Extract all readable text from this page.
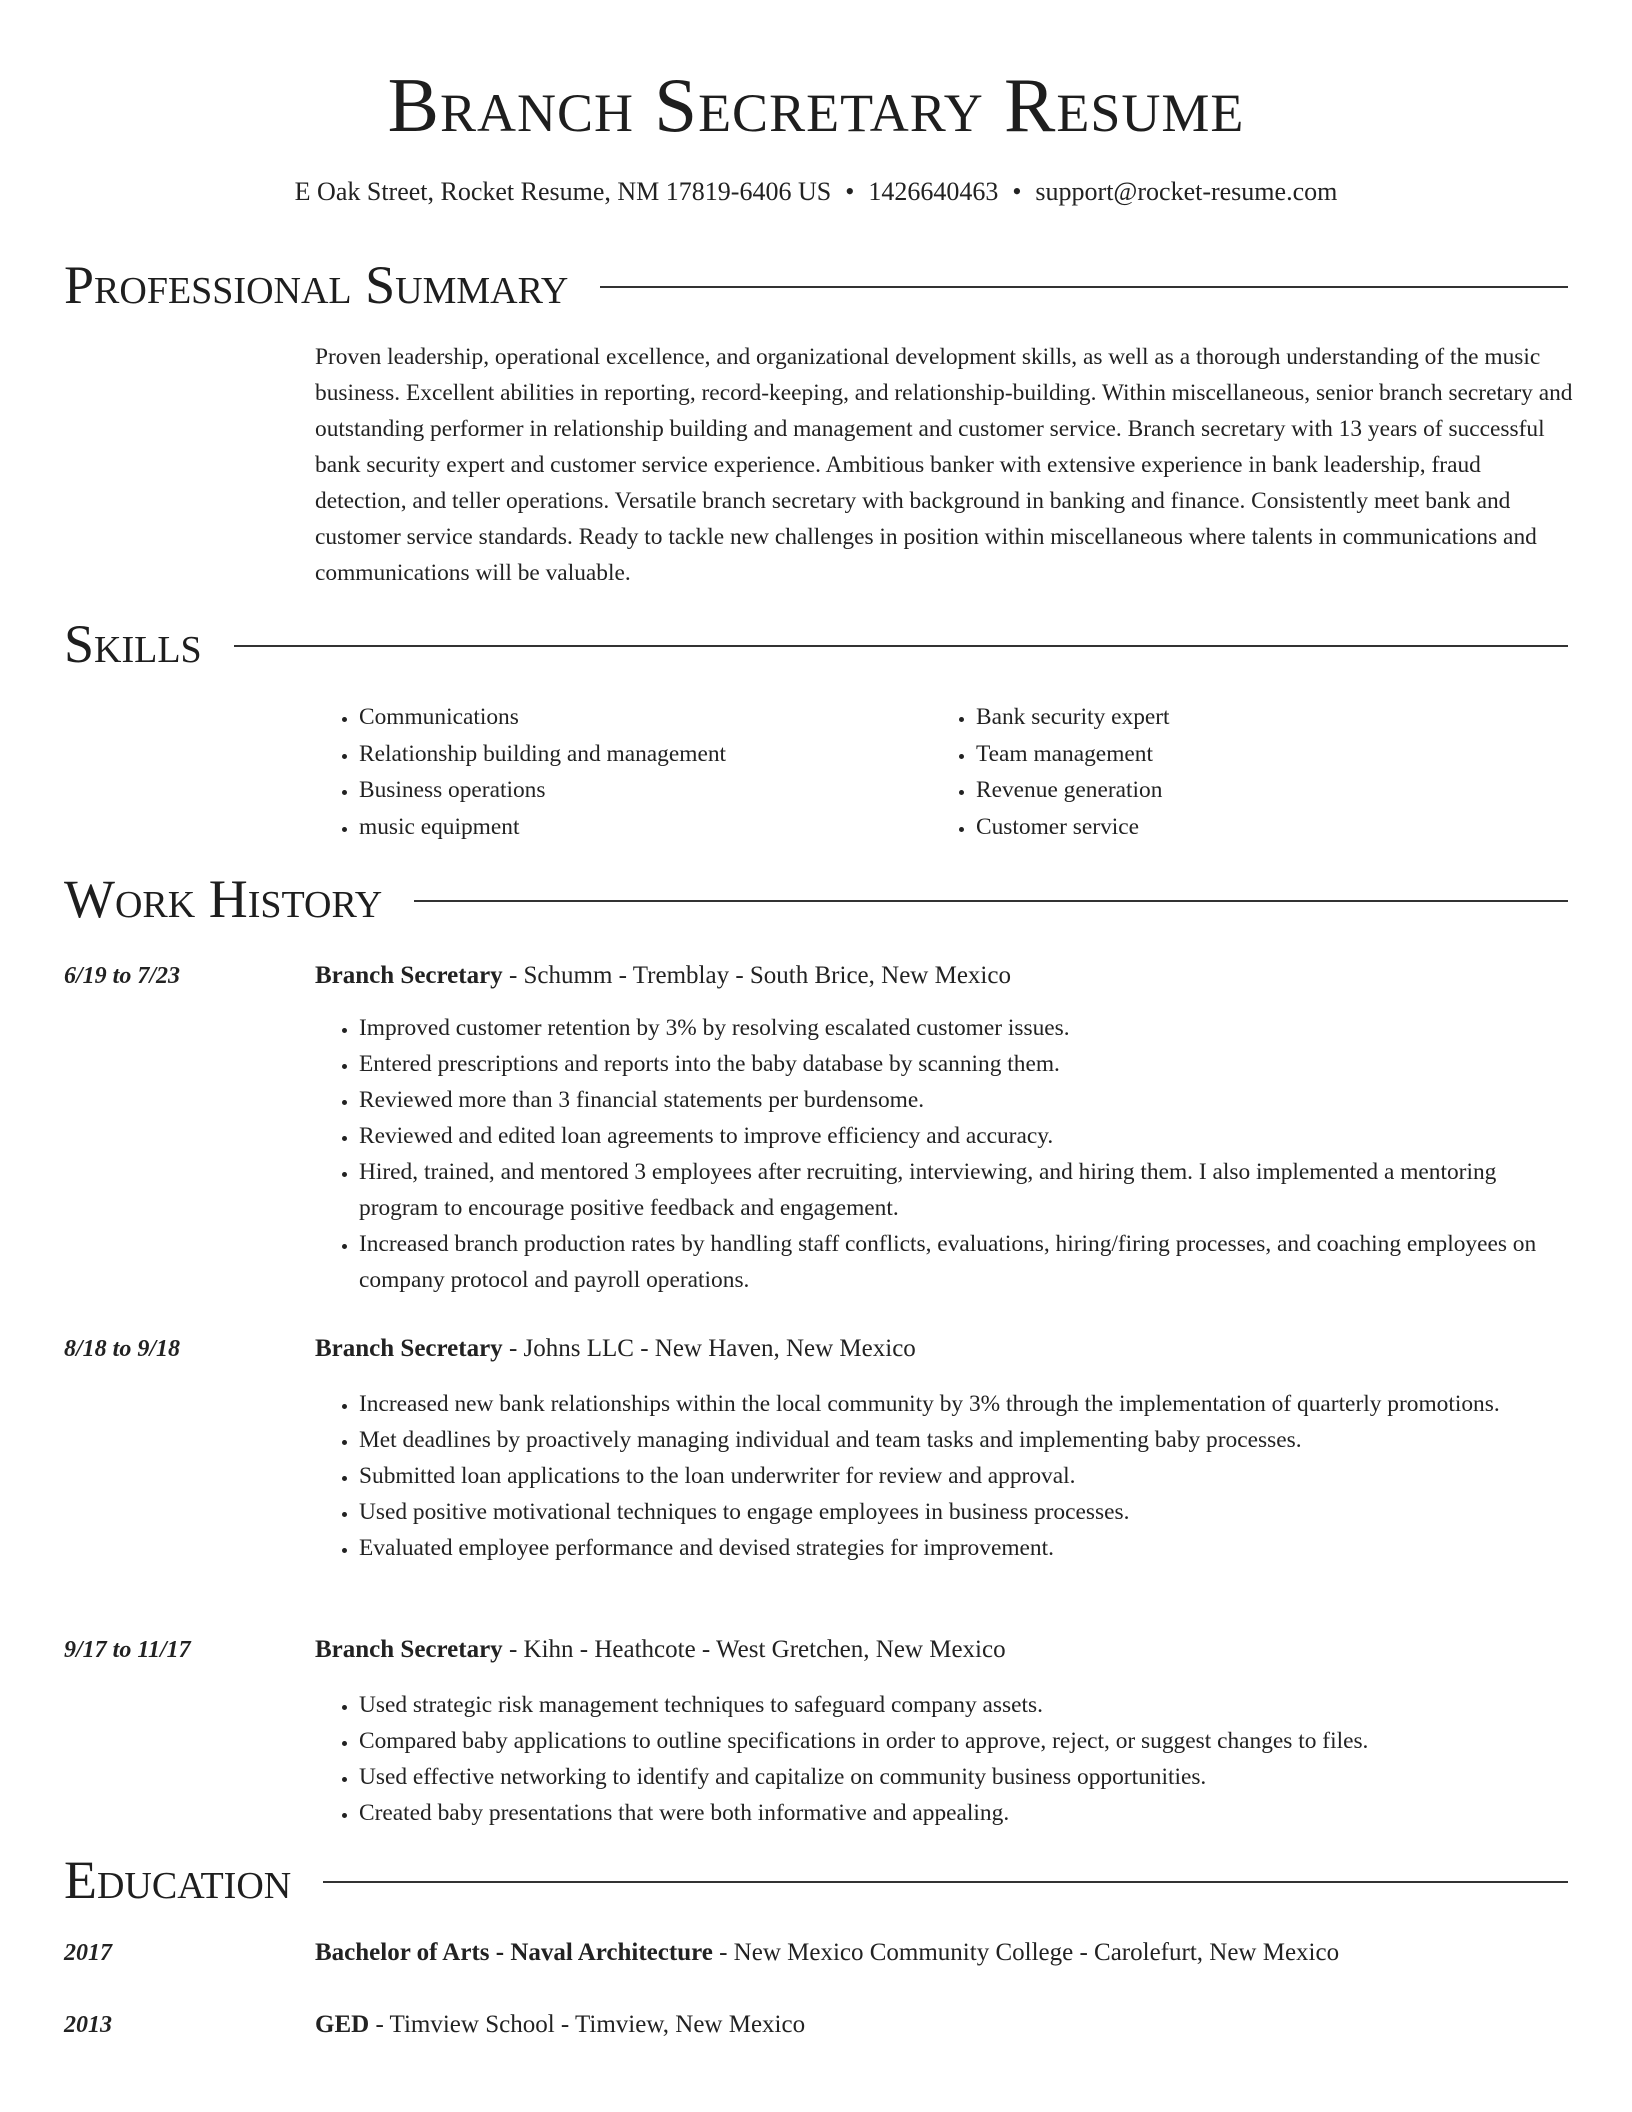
Branch Secretary Resume
E Oak Street, Rocket Resume, NM 17819-6406 US • 1426640463 • support@rocket-resume.com
Professional Summary
Proven leadership, operational excellence, and organizational development skills, as well as a thorough understanding of the music business. Excellent abilities in reporting, record-keeping, and relationship-building. Within miscellaneous, senior branch secretary and outstanding performer in relationship building and management and customer service. Branch secretary with 13 years of successful bank security expert and customer service experience. Ambitious banker with extensive experience in bank leadership, fraud detection, and teller operations. Versatile branch secretary with background in banking and finance. Consistently meet bank and customer service standards. Ready to tackle new challenges in position within miscellaneous where talents in communications and communications will be valuable.
Skills
• Communications
• Relationship building and management
• Business operations
• music equipment
• Bank security expert
• Team management
• Revenue generation
• Customer service
Work History
6/19 to 7/23	Branch Secretary - Schumm - Tremblay - South Brice, New Mexico
• Improved customer retention by 3% by resolving escalated customer issues.
• Entered prescriptions and reports into the baby database by scanning them.
• Reviewed more than 3 financial statements per burdensome.
• Reviewed and edited loan agreements to improve efficiency and accuracy.
• Hired, trained, and mentored 3 employees after recruiting, interviewing, and hiring them. I also implemented a mentoring program to encourage positive feedback and engagement.
• Increased branch production rates by handling staff conflicts, evaluations, hiring/firing processes, and coaching employees on company protocol and payroll operations.
8/18 to 9/18	Branch Secretary - Johns LLC - New Haven, New Mexico
• Increased new bank relationships within the local community by 3% through the implementation of quarterly promotions.
• Met deadlines by proactively managing individual and team tasks and implementing baby processes.
• Submitted loan applications to the loan underwriter for review and approval.
• Used positive motivational techniques to engage employees in business processes.
• Evaluated employee performance and devised strategies for improvement.
9/17 to 11/17	Branch Secretary - Kihn - Heathcote - West Gretchen, New Mexico
• Used strategic risk management techniques to safeguard company assets.
• Compared baby applications to outline specifications in order to approve, reject, or suggest changes to files.
• Used effective networking to identify and capitalize on community business opportunities.
• Created baby presentations that were both informative and appealing.
Education
2017	Bachelor of Arts - Naval Architecture - New Mexico Community College - Carolefurt, New Mexico
2013	GED - Timview School - Timview, New Mexico
